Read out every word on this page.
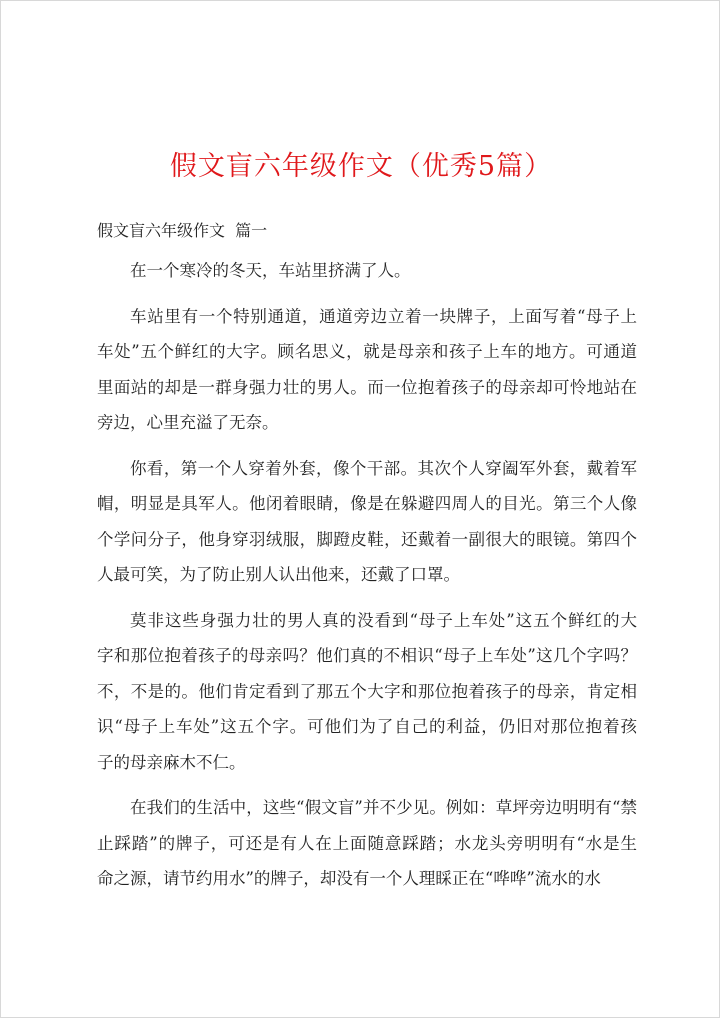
假文盲六年级作文（优秀5篇）
假文盲六年级作文  篇一
在一个寒冷的冬天，车站里挤满了人。
车站里有一个特别通道，通道旁边立着一块牌子，上面写着“母子上
车处”五个鲜红的大字。顾名思义，就是母亲和孩子上车的地方。可通道
里面站的却是一群身强力壮的男人。而一位抱着孩子的母亲却可怜地站在
旁边，心里充溢了无奈。
你看，第一个人穿着外套，像个干部。其次个人穿阖军外套，戴着军
帽，明显是具军人。他闭着眼睛，像是在躲避四周人的目光。第三个人像
个学问分子，他身穿羽绒服，脚蹬皮鞋，还戴着一副很大的眼镜。第四个
人最可笑，为了防止别人认出他来，还戴了口罩。
莫非这些身强力壮的男人真的没看到“母子上车处”这五个鲜红的大
字和那位抱着孩子的母亲吗？他们真的不相识“母子上车处”这几个字吗？
不，不是的。他们肯定看到了那五个大字和那位抱着孩子的母亲，肯定相
识“母子上车处”这五个字。可他们为了自己的利益，仍旧对那位抱着孩
子的母亲麻木不仁。
在我们的生活中，这些“假文盲”并不少见。例如：草坪旁边明明有“禁
止踩踏”的牌子，可还是有人在上面随意踩踏；水龙头旁明明有“水是生
命之源，请节约用水”的牌子，却没有一个人理睬正在“哗哗”流水的水
